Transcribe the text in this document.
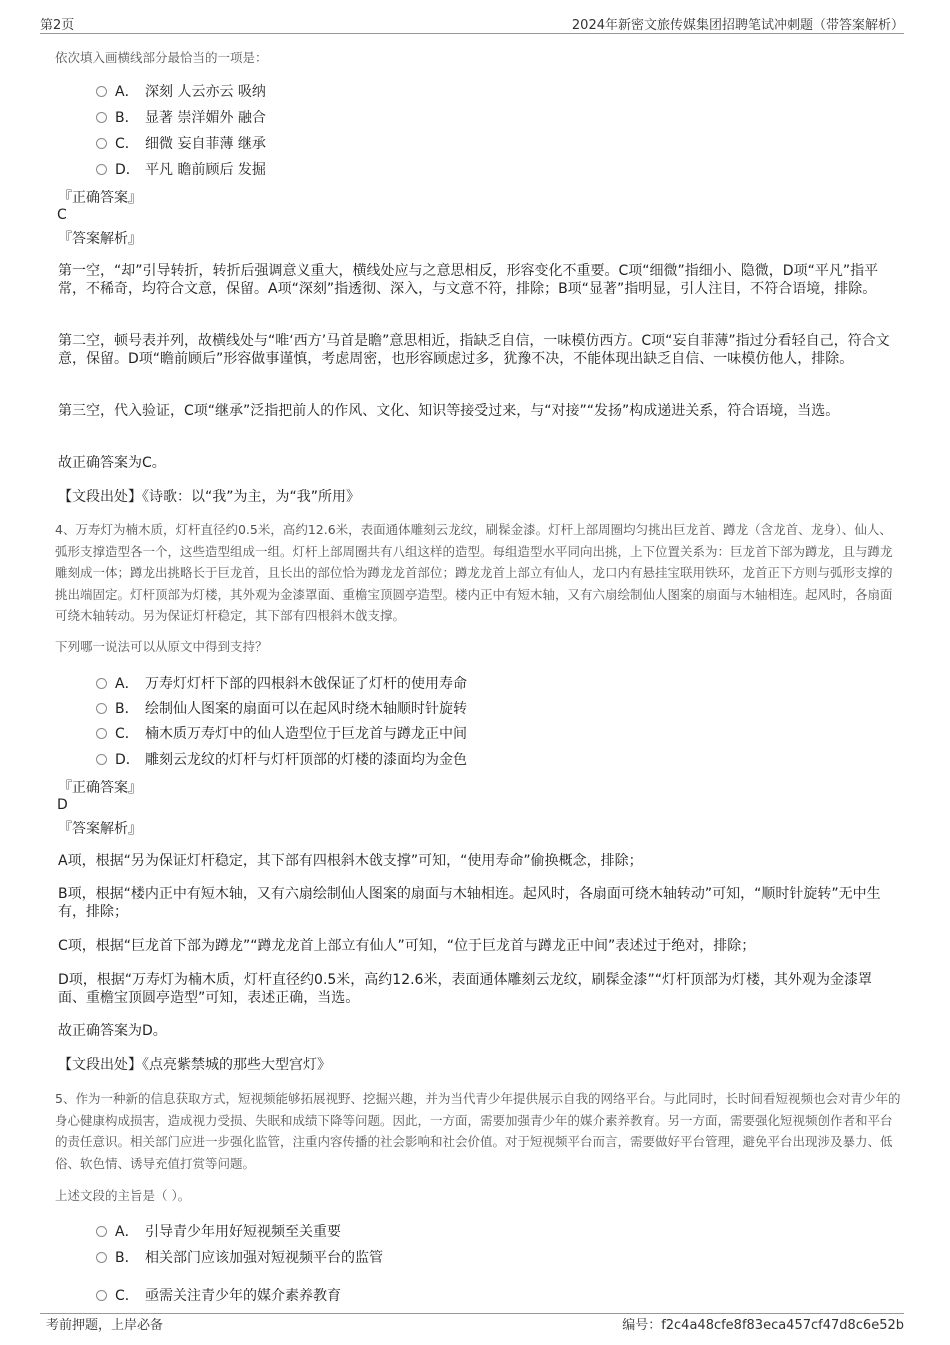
第2页	2024年新密文旅传媒集团招聘笔试冲刺题（带答案解析）
依次填入画横线部分最恰当的一项是：
A． 深刻 人云亦云 吸纳
B． 显著 崇洋媚外 融合
C． 细微 妄自菲薄 继承
D． 平凡 瞻前顾后 发掘
『正确答案』
C
『答案解析』
第一空，“却”引导转折，转折后强调意义重大，横线处应与之意思相反，形容变化不重要。C项“细微”指细小、隐微，D项“平凡”指平常，不稀奇，均符合文意，保留。A项“深刻”指透彻、深入，与文意不符，排除；B项“显著”指明显，引人注目，不符合语境，排除。
第二空，顿号表并列，故横线处与“唯‘西方’马首是瞻”意思相近，指缺乏自信，一味模仿西方。C项“妄自菲薄”指过分看轻自己，符合文意，保留。D项“瞻前顾后”形容做事谨慎，考虑周密，也形容顾虑过多，犹豫不决，不能体现出缺乏自信、一味模仿他人，排除。
第三空，代入验证，C项“继承”泛指把前人的作风、文化、知识等接受过来，与“对接”“发扬”构成递进关系，符合语境，当选。
故正确答案为C。
【文段出处】《诗歌：以“我”为主，为“我”所用》
4、万寿灯为楠木质，灯杆直径约0.5米，高约12.6米，表面通体雕刻云龙纹，刷髹金漆。灯杆上部周圈均匀挑出巨龙首、蹲龙（含龙首、龙身）、仙人、弧形支撑造型各一个，这些造型组成一组。灯杆上部周圈共有八组这样的造型。每组造型水平同向出挑，上下位置关系为：巨龙首下部为蹲龙，且与蹲龙雕刻成一体；蹲龙出挑略长于巨龙首，且长出的部位恰为蹲龙龙首部位；蹲龙龙首上部立有仙人，龙口内有悬挂宝联用铁环，龙首正下方则与弧形支撑的挑出端固定。灯杆顶部为灯楼，其外观为金漆罩面、重檐宝顶圆亭造型。楼内正中有短木轴，又有六扇绘制仙人图案的扇面与木轴相连。起风时，各扇面可绕木轴转动。另为保证灯杆稳定，其下部有四根斜木戗支撑。
下列哪一说法可以从原文中得到支持？
A． 万寿灯灯杆下部的四根斜木戗保证了灯杆的使用寿命
B． 绘制仙人图案的扇面可以在起风时绕木轴顺时针旋转
C． 楠木质万寿灯中的仙人造型位于巨龙首与蹲龙正中间
D． 雕刻云龙纹的灯杆与灯杆顶部的灯楼的漆面均为金色
『正确答案』
D
『答案解析』
A项，根据“另为保证灯杆稳定，其下部有四根斜木戗支撑”可知，“使用寿命”偷换概念，排除；
B项，根据“楼内正中有短木轴，又有六扇绘制仙人图案的扇面与木轴相连。起风时，各扇面可绕木轴转动”可知，“顺时针旋转”无中生有，排除；
C项，根据“巨龙首下部为蹲龙”“蹲龙龙首上部立有仙人”可知，“位于巨龙首与蹲龙正中间”表述过于绝对，排除；
D项，根据“万寿灯为楠木质，灯杆直径约0.5米，高约12.6米，表面通体雕刻云龙纹，刷髹金漆”“灯杆顶部为灯楼，其外观为金漆罩面、重檐宝顶圆亭造型”可知，表述正确，当选。
故正确答案为D。
【文段出处】《点亮紫禁城的那些大型宫灯》
5、作为一种新的信息获取方式，短视频能够拓展视野、挖掘兴趣，并为当代青少年提供展示自我的网络平台。与此同时，长时间看短视频也会对青少年的身心健康构成损害，造成视力受损、失眠和成绩下降等问题。因此，一方面，需要加强青少年的媒介素养教育。另一方面，需要强化短视频创作者和平台的责任意识。相关部门应进一步强化监管，注重内容传播的社会影响和社会价值。对于短视频平台而言，需要做好平台管理，避免平台出现涉及暴力、低俗、软色情、诱导充值打赏等问题。
上述文段的主旨是（ ）。
A． 引导青少年用好短视频至关重要
B． 相关部门应该加强对短视频平台的监管
C． 亟需关注青少年的媒介素养教育
考前押题，上岸必备	编号：f2c4a48cfe8f83eca457cf47d8c6e52b
